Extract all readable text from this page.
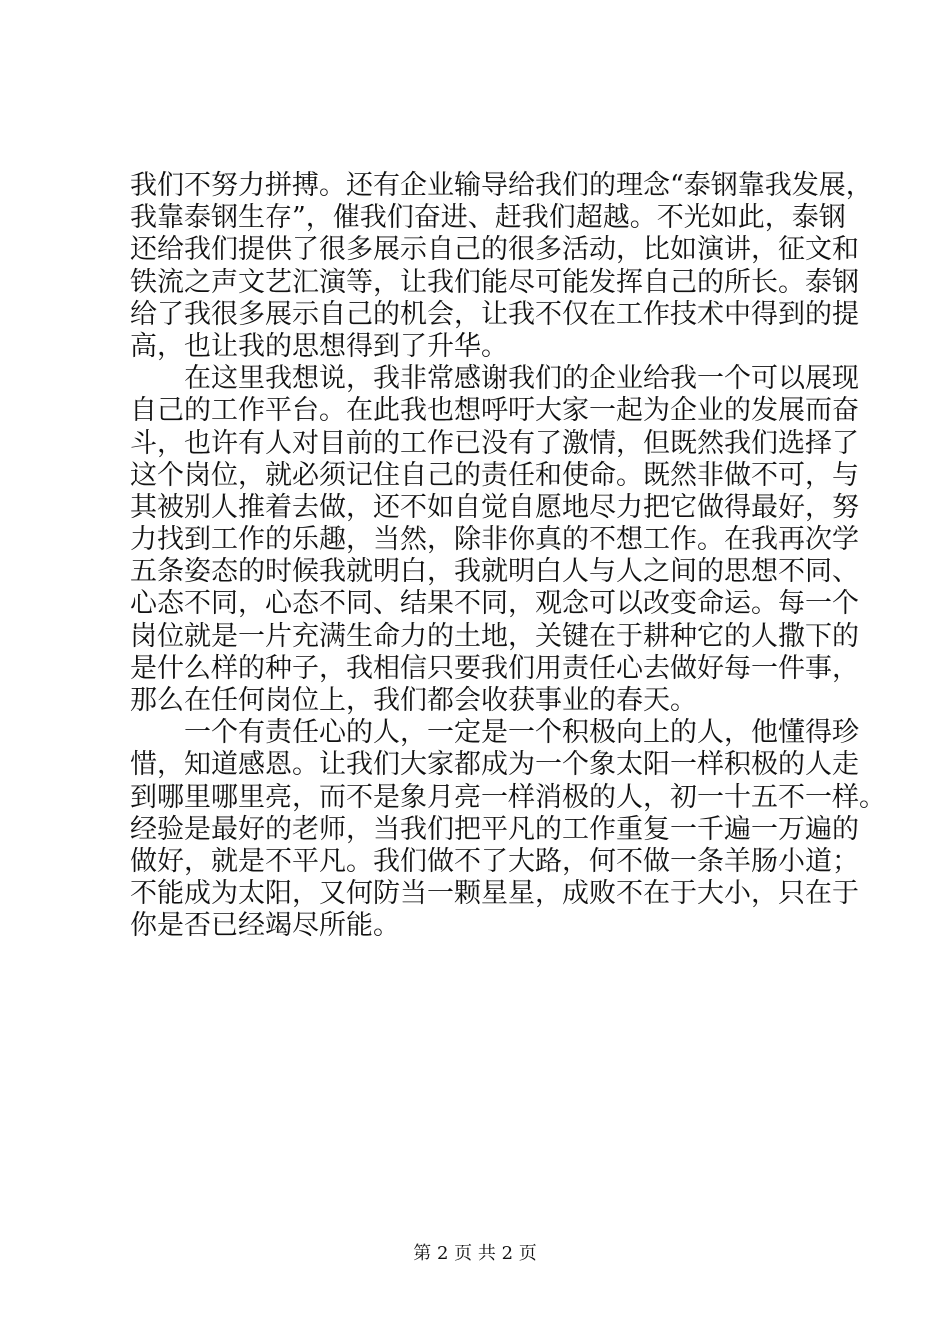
我们不努力拼搏。还有企业输导给我们的理念“泰钢靠我发展，
我靠泰钢生存”，催我们奋进、赶我们超越。不光如此，泰钢
还给我们提供了很多展示自己的很多活动，比如演讲，征文和
铁流之声文艺汇演等，让我们能尽可能发挥自己的所长。泰钢
给了我很多展示自己的机会，让我不仅在工作技术中得到的提
高，也让我的思想得到了升华。
在这里我想说，我非常感谢我们的企业给我一个可以展现
自己的工作平台。在此我也想呼吁大家一起为企业的发展而奋
斗，也许有人对目前的工作已没有了激情，但既然我们选择了
这个岗位，就必须记住自己的责任和使命。既然非做不可，与
其被别人推着去做，还不如自觉自愿地尽力把它做得最好，努
力找到工作的乐趣，当然，除非你真的不想工作。在我再次学
五条姿态的时候我就明白，我就明白人与人之间的思想不同、
心态不同，心态不同、结果不同，观念可以改变命运。每一个
岗位就是一片充满生命力的土地，关键在于耕种它的人撒下的
是什么样的种子，我相信只要我们用责任心去做好每一件事，
那么在任何岗位上，我们都会收获事业的春天。
一个有责任心的人，一定是一个积极向上的人，他懂得珍
惜，知道感恩。让我们大家都成为一个象太阳一样积极的人走
到哪里哪里亮，而不是象月亮一样消极的人，初一十五不一样。
经验是最好的老师，当我们把平凡的工作重复一千遍一万遍的
做好，就是不平凡。我们做不了大路，何不做一条羊肠小道；
不能成为太阳，又何防当一颗星星，成败不在于大小，只在于
你是否已经竭尽所能。
第 2 页 共 2 页
